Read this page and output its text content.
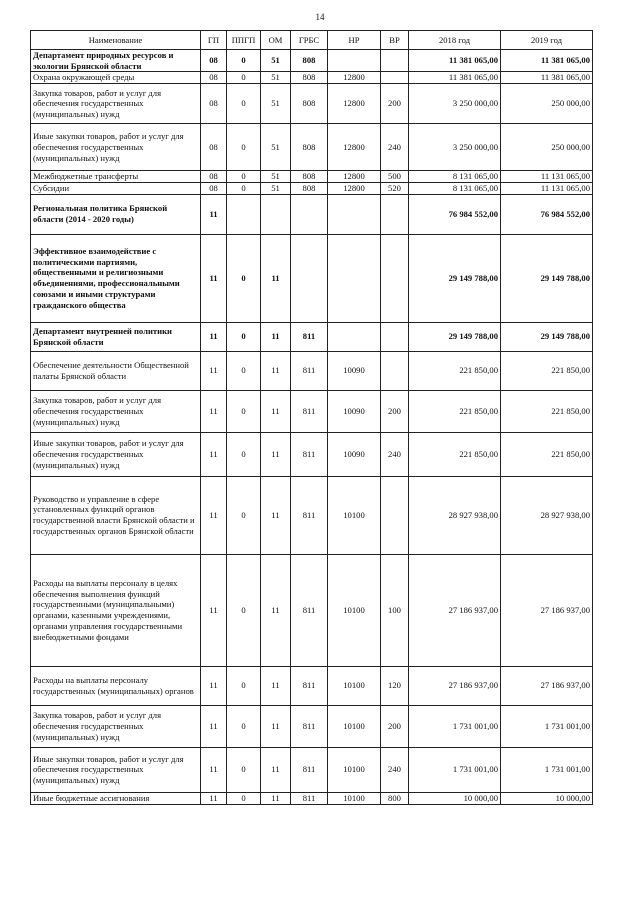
14
Наименование	ГП	ППГП	ОМ	ГРБС	НР	ВР	2018 год	2019 год
Департамент природных ресурсов и экологии Брянской области	08	0	51	808			11 381 065,00	11 381 065,00
Охрана окружающей среды	08	0	51	808	12800		11 381 065,00	11 381 065,00
Закупка товаров, работ и услуг для обеспечения государственных (муниципальных) нужд	08	0	51	808	12800	200	3 250 000,00	250 000,00
Иные закупки товаров, работ и услуг для обеспечения государственных (муниципальных) нужд	08	0	51	808	12800	240	3 250 000,00	250 000,00
Межбюджетные трансферты	08	0	51	808	12800	500	8 131 065,00	11 131 065,00
Субсидии	08	0	51	808	12800	520	8 131 065,00	11 131 065,00
Региональная политика Брянской области (2014 - 2020 годы)	11						76 984 552,00	76 984 552,00
Эффективное взаимодействие с политическими партиями, общественными и религиозными объединениями, профессиональными союзами и иными структурами гражданского общества	11	0	11				29 149 788,00	29 149 788,00
Департамент внутренней политики Брянской области	11	0	11	811			29 149 788,00	29 149 788,00
Обеспечение деятельности Общественной палаты Брянской области	11	0	11	811	10090		221 850,00	221 850,00
Закупка товаров, работ и услуг для обеспечения государственных (муниципальных) нужд	11	0	11	811	10090	200	221 850,00	221 850,00
Иные закупки товаров, работ и услуг для обеспечения государственных (муниципальных) нужд	11	0	11	811	10090	240	221 850,00	221 850,00
Руководство и управление в сфере установленных функций органов государственной власти Брянской области и государственных органов Брянской области	11	0	11	811	10100		28 927 938,00	28 927 938,00
Расходы на выплаты персоналу в целях обеспечения выполнения функций государственными (муниципальными) органами, казенными учреждениями, органами управления государственными внебюджетными фондами	11	0	11	811	10100	100	27 186 937,00	27 186 937,00
Расходы на выплаты персоналу государственных (муниципальных) органов	11	0	11	811	10100	120	27 186 937,00	27 186 937,00
Закупка товаров, работ и услуг для обеспечения государственных (муниципальных) нужд	11	0	11	811	10100	200	1 731 001,00	1 731 001,00
Иные закупки товаров, работ и услуг для обеспечения государственных (муниципальных) нужд	11	0	11	811	10100	240	1 731 001,00	1 731 001,00
Иные бюджетные ассигнования	11	0	11	811	10100	800	10 000,00	10 000,00
